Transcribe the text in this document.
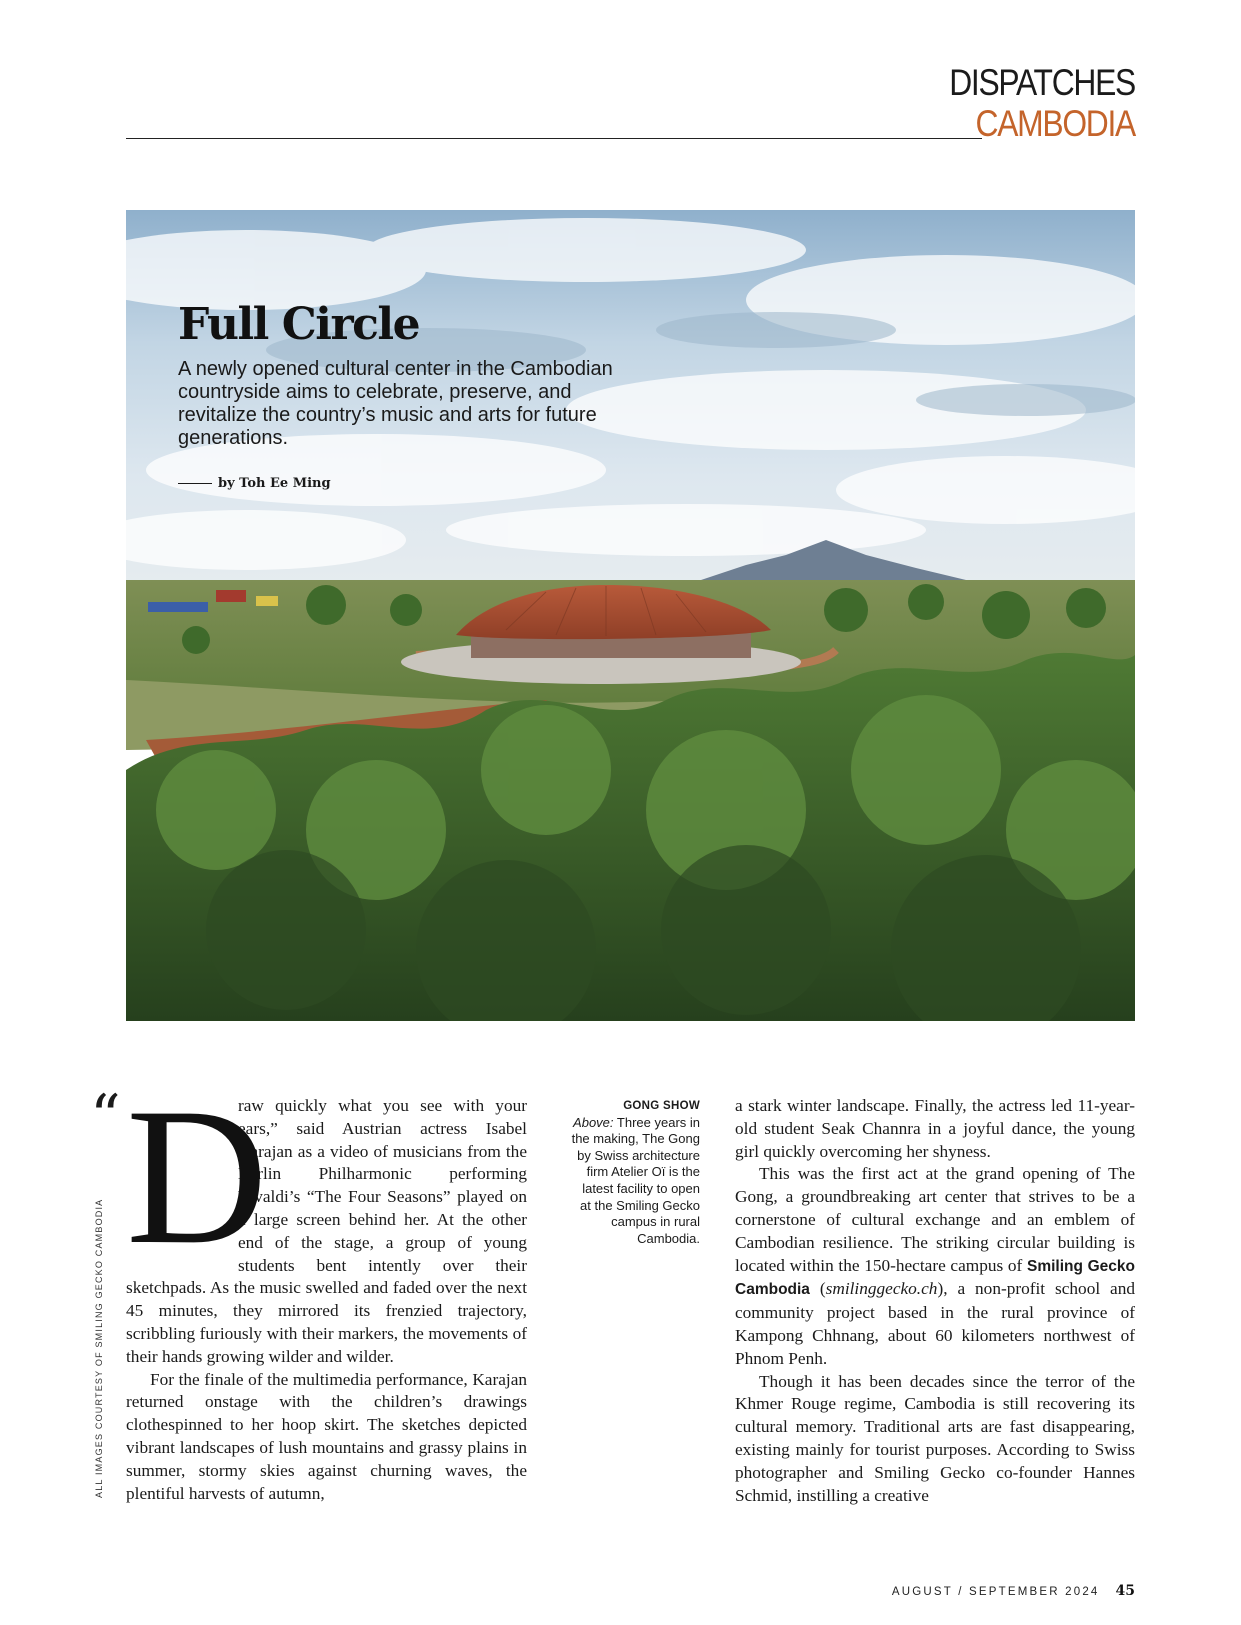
DISPATCHES
CAMBODIA
Full Circle

A newly opened cultural center in the Cambodian countryside aims to celebrate, preserve, and revitalize the country’s music and arts for future generations.

by Toh Ee Ming
ALL IMAGES COURTESY OF SMILING GECKO CAMBODIA

“ D
raw quickly what you see with your ears,” said Austrian actress Isabel Karajan as a video of musicians from the Berlin Philharmonic performing Vivaldi’s “The Four Seasons” played on a large screen behind her. At the other end of the stage, a group of young students bent intently over their sketchpads. As the music swelled and faded over the next 45 minutes, they mirrored its frenzied trajectory, scribbling furiously with their markers, the movements of their hands growing wilder and wilder.

For the finale of the multimedia performance, Karajan returned onstage with the children’s drawings clothespinned to her hoop skirt. The sketches depicted vibrant landscapes of lush mountains and grassy plains in summer, stormy skies against churning waves, the plentiful harvests of autumn,

GONG SHOW
Above: Three years in the making, The Gong by Swiss architecture firm Atelier Oï is the latest facility to open at the Smiling Gecko campus in rural Cambodia.

a stark winter landscape. Finally, the actress led 11-year-old student Seak Channra in a joyful dance, the young girl quickly overcoming her shyness.

This was the first act at the grand opening of The Gong, a groundbreaking art center that strives to be a cornerstone of cultural exchange and an emblem of Cambodian resilience. The striking circular building is located within the 150-hectare campus of Smiling Gecko Cambodia (smilinggecko.ch), a non-profit school and community project based in the rural province of Kampong Chhnang, about 60 kilometers northwest of Phnom Penh.

Though it has been decades since the terror of the Khmer Rouge regime, Cambodia is still recovering its cultural memory. Traditional arts are fast disappearing, existing mainly for tourist purposes. According to Swiss photographer and Smiling Gecko co-founder Hannes Schmid, instilling a creative

AUGUST / SEPTEMBER 2024 45
